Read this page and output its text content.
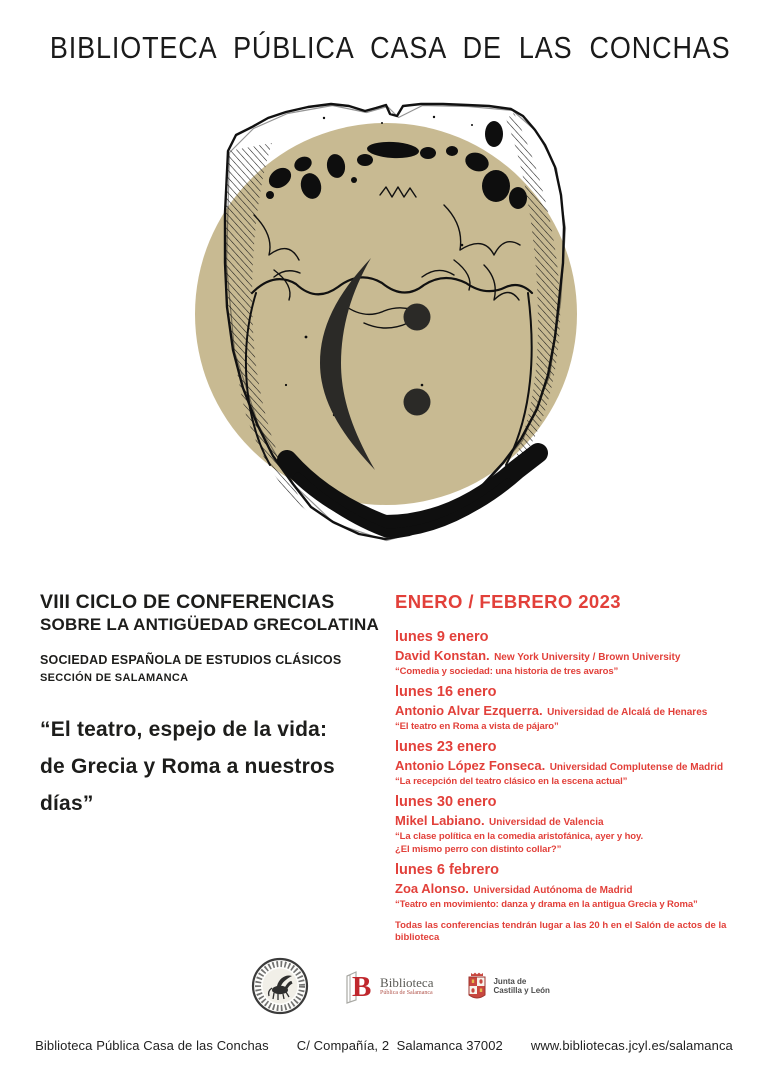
BIBLIOTECA PÚBLICA CASA DE LAS CONCHAS
VIII CICLO DE CONFERENCIAS
SOBRE LA ANTIGÜEDAD GRECOLATINA
SOCIEDAD ESPAÑOLA DE ESTUDIOS CLÁSICOS
SECCIÓN DE SALAMANCA
“El teatro, espejo de la vida:
de Grecia y Roma a nuestros
días”
ENERO / FEBRERO 2023
lunes 9 enero
David Konstan. New York University / Brown University
“Comedia y sociedad: una historia de tres avaros”
lunes 16 enero
Antonio Alvar Ezquerra. Universidad de Alcalá de Henares
“El teatro en Roma a vista de pájaro”
lunes 23 enero
Antonio López Fonseca. Universidad Complutense de Madrid
“La recepción del teatro clásico en la escena actual”
lunes 30 enero
Mikel Labiano. Universidad de Valencia
“La clase política en la comedia aristofánica, ayer y hoy.
¿El mismo perro con distinto collar?”
lunes 6 febrero
Zoa Alonso. Universidad Autónoma de Madrid
“Teatro en movimiento: danza y drama en la antigua Grecia y Roma”
Todas las conferencias tendrán lugar a las 20 h en el Salón de actos de la biblioteca
B Biblioteca
Pública de Salamanca
Junta de
Castilla y León
Biblioteca Pública Casa de las Conchas C/ Compañía, 2  Salamanca 37002 www.bibliotecas.jcyl.es/salamanca
